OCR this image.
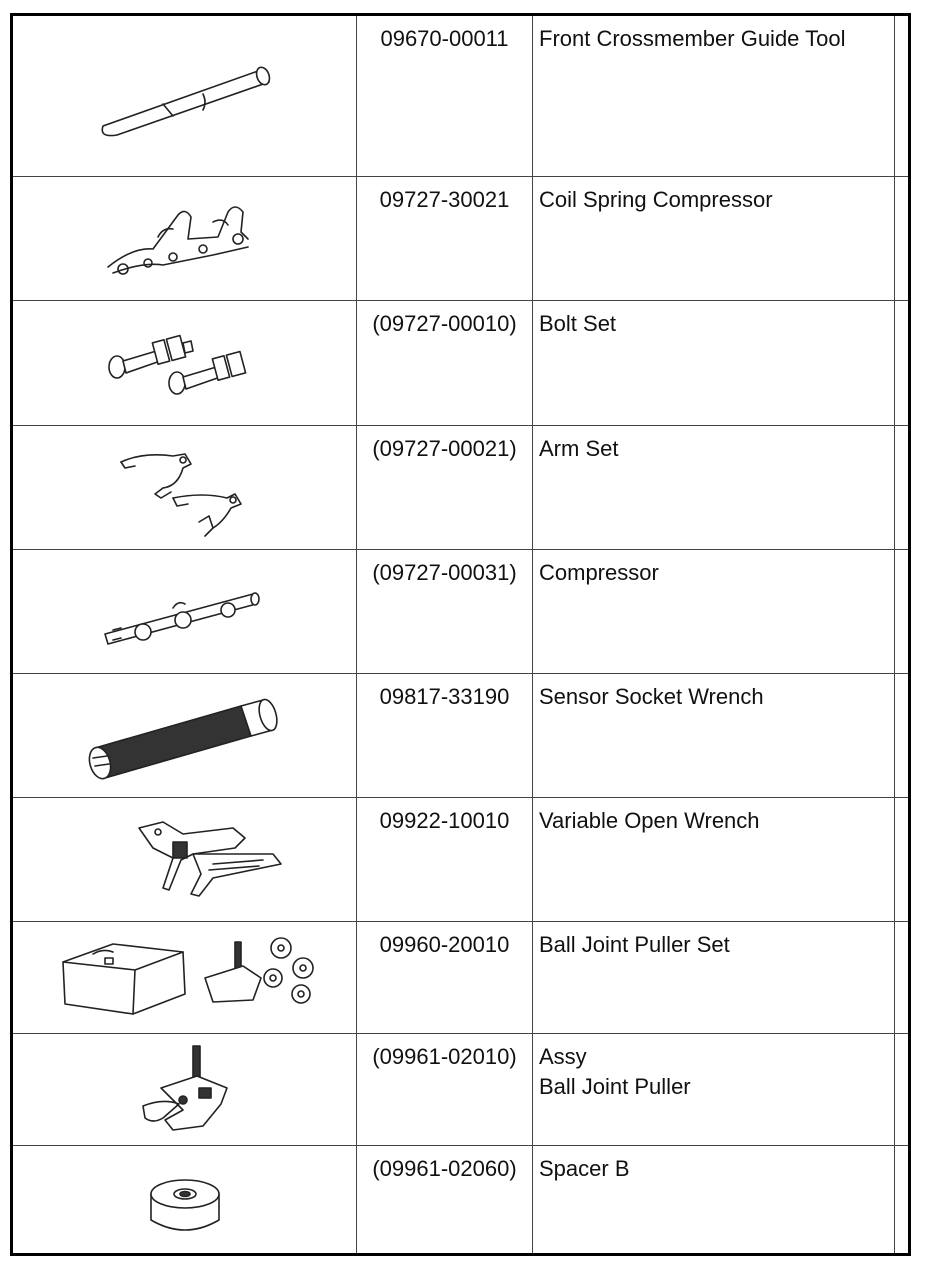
09670-00011	Front Crossmember Guide Tool
09727-30021	Coil Spring Compressor
(09727-00010)	Bolt Set
(09727-00021)	Arm Set
(09727-00031)	Compressor
09817-33190	Sensor Socket Wrench
09922-10010	Variable Open Wrench
09960-20010	Ball Joint Puller Set
(09961-02010)	Assy
Ball Joint Puller
(09961-02060)	Spacer B
